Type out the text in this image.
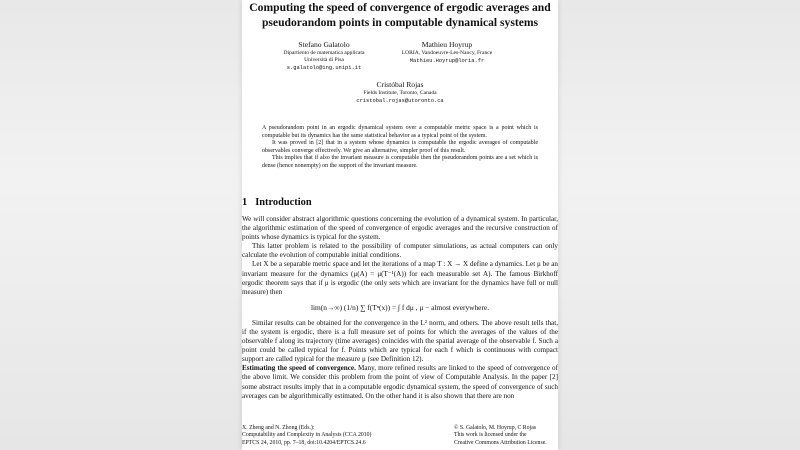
Computing the speed of convergence of ergodic averages and
pseudorandom points in computable dynamical systems
Stefano Galatolo
Dipartiento de matematica applicata
Università di Pisa
s.galatolo@ing.unipi.it
Mathieu Hoyrup
LORIA, Vandoeuvre-Les-Nancy, France
Mathieu.Hoyrup@loria.fr
Cristóbal Rojas
Fields Institute, Toronto, Canada
cristobal.rojas@utoronto.ca

A pseudorandom point in an ergodic dynamical system over a computable metric space is a point which is computable but its dynamics has the same statistical behavior as a typical point of the system.

It was proved in [2] that in a system whose dynamics is computable the ergodic averages of computable observables converge effectively. We give an alternative, simpler proof of this result.

This implies that if also the invariant measure is computable then the pseudorandom points are a set which is dense (hence nonempty) on the support of the invariant measure.

1 Introduction

We will consider abstract algorithmic questions concerning the evolution of a dynamical system. In particular, the algorithmic estimation of the speed of convergence of ergodic averages and the recursive construction of points whose dynamics is typical for the system.

This latter problem is related to the possibility of computer simulations, as actual computers can only calculate the evolution of computable initial conditions.

Let X be a separable metric space and let the iterations of a map T : X → X define a dynamics. Let μ be an invariant measure for the dynamics (μ(A) = μ(T⁻¹(A)) for each measurable set A). The famous Birkhoff ergodic theorem says that if μ is ergodic (the only sets which are invariant for the dynamics have full or null measure) then

lim(n→∞) (1/n) ∑ f(Tⁿ(x)) = ∫ f dμ , μ − almost everywhere.

Similar results can be obtained for the convergence in the L² norm, and others. The above result tells that, if the system is ergodic, there is a full measure set of points for which the averages of the values of the observable f along its trajectory (time averages) coincides with the spatial average of the observable f. Such a point could be called typical for f. Points which are typical for each f which is continuous with compact support are called typical for the measure μ (see Definition 12).

Estimating the speed of convergence. Many, more refined results are linked to the speed of convergence of the above limit. We consider this problem from the point of view of Computable Analysis. In the paper [2] some abstract results imply that in a computable ergodic dynamical system, the speed of convergence of such averages can be algorithmically estimated. On the other hand it is also shown that there are non

X. Zheng and N. Zhong (Eds.):
Computability and Complexity in Analysis (CCA 2010)
EPTCS 24, 2010, pp. 7–18, doi:10.4204/EPTCS.24.6
© S. Galatolo, M. Hoyrup, C Rojas
This work is licensed under the
Creative Commons Attribution License.
